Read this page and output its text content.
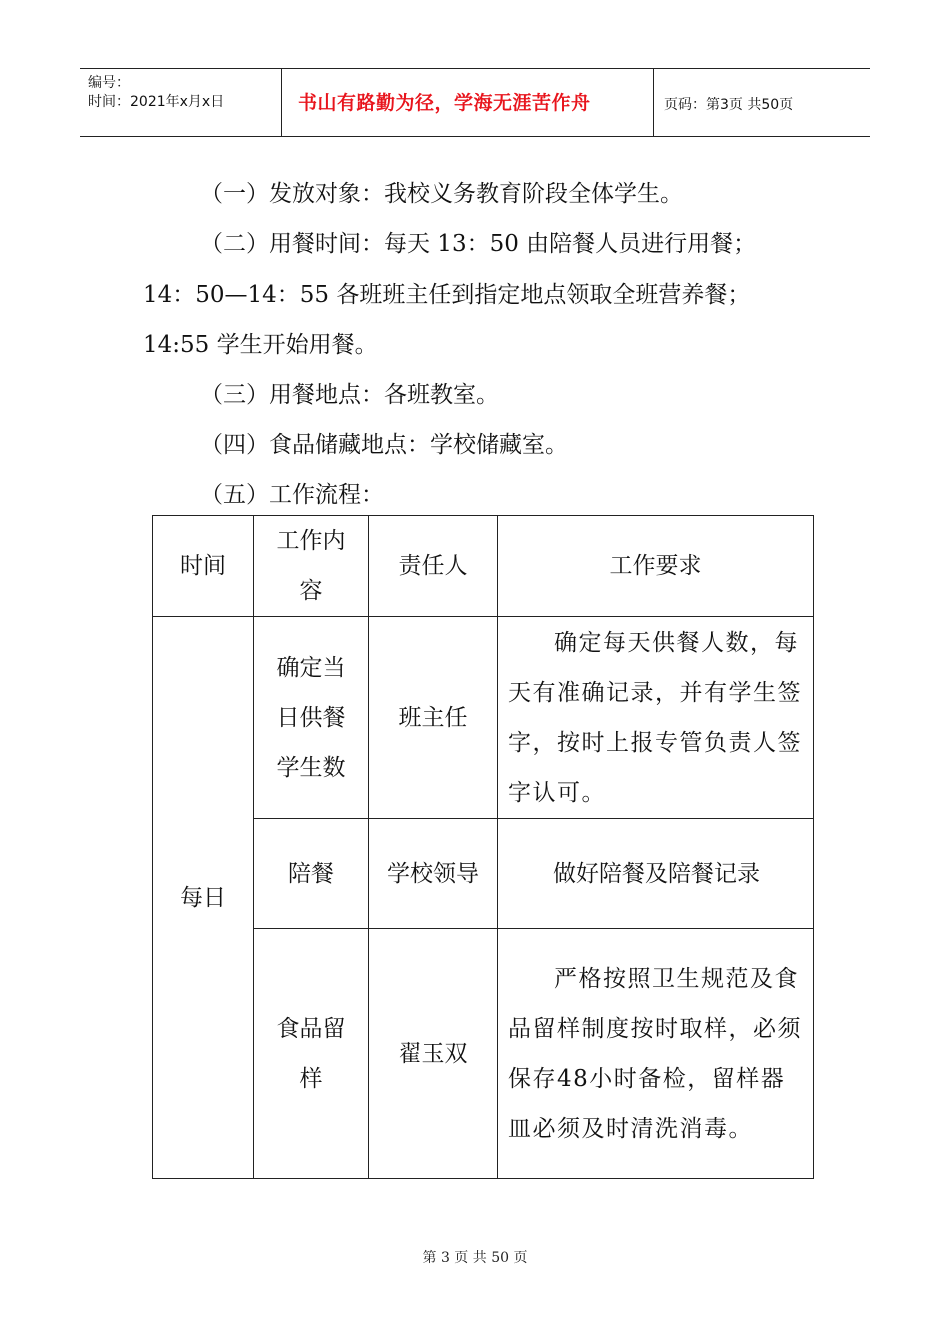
编号：
时间：2021年x月x日	书山有路勤为径，学海无涯苦作舟	页码：第3页 共50页
（一）发放对象：我校义务教育阶段全体学生。
（二）用餐时间：每天 13：50 由陪餐人员进行用餐；
14：50—14：55 各班班主任到指定地点领取全班营养餐；
14:55 学生开始用餐。
（三）用餐地点：各班教室。
（四）食品储藏地点：学校储藏室。
（五）工作流程：
时间	工作内容	责任人	工作要求
每日	确定当日供餐学生数	班主任	确定每天供餐人数，每天有准确记录，并有学生签字，按时上报专管负责人签字认可。

	陪餐	学校领导	做好陪餐及陪餐记录

	食品留样	翟玉双	严格按照卫生规范及食品留样制度按时取样，必须保存48小时备检，留样器皿必须及时清洗消毒。
第 3 页 共 50 页
